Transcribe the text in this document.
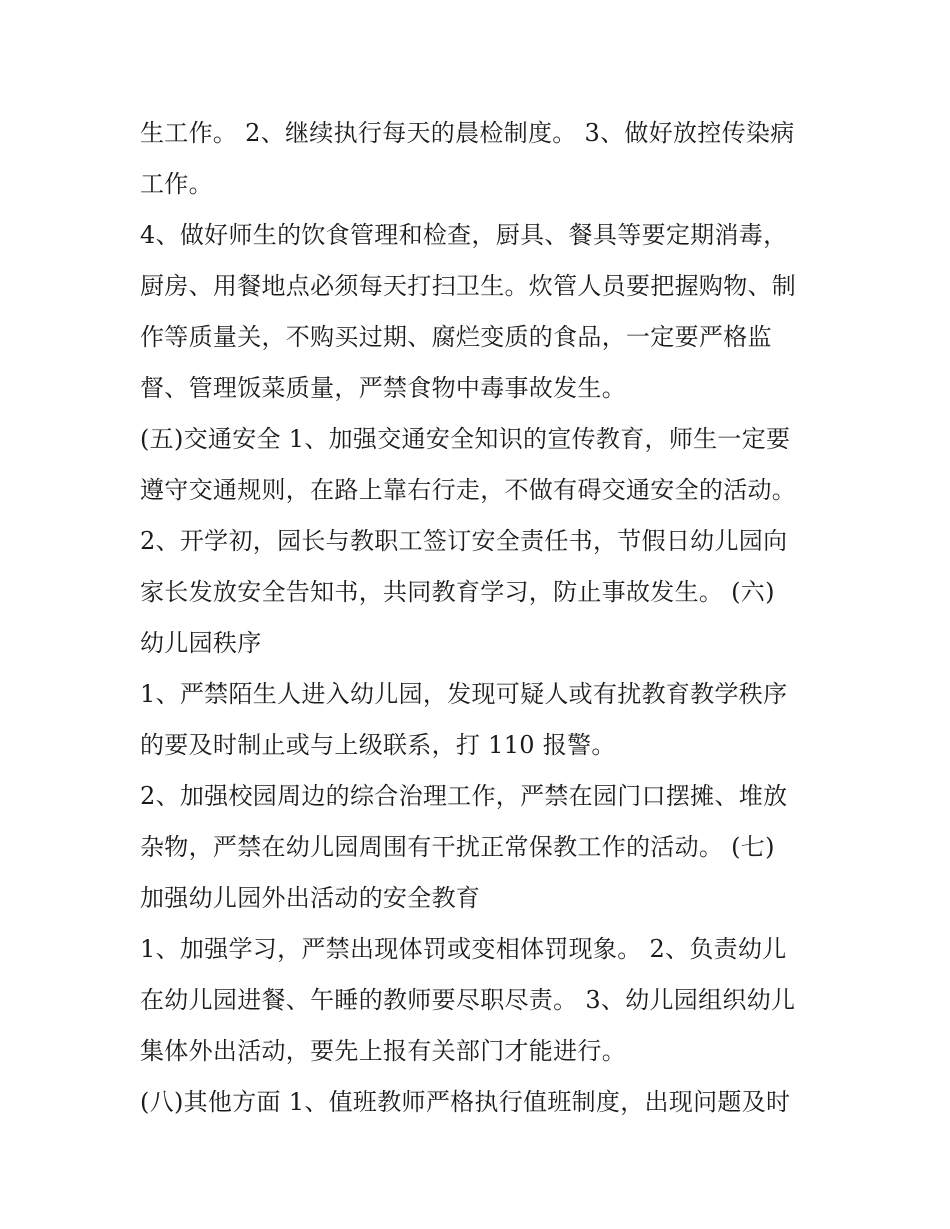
生工作。 2、继续执行每天的晨检制度。 3、做好放控传染病
工作。
4、做好师生的饮食管理和检查，厨具、餐具等要定期消毒，
厨房、用餐地点必须每天打扫卫生。炊管人员要把握购物、制
作等质量关，不购买过期、腐烂变质的食品，一定要严格监
督、管理饭菜质量，严禁食物中毒事故发生。
(五)交通安全 1、加强交通安全知识的宣传教育，师生一定要
遵守交通规则，在路上靠右行走，不做有碍交通安全的活动。
2、开学初，园长与教职工签订安全责任书，节假日幼儿园向
家长发放安全告知书，共同教育学习，防止事故发生。 (六)
幼儿园秩序
1、严禁陌生人进入幼儿园，发现可疑人或有扰教育教学秩序
的要及时制止或与上级联系，打 110 报警。
2、加强校园周边的综合治理工作，严禁在园门口摆摊、堆放
杂物，严禁在幼儿园周围有干扰正常保教工作的活动。 (七)
加强幼儿园外出活动的安全教育
1、加强学习，严禁出现体罚或变相体罚现象。 2、负责幼儿
在幼儿园进餐、午睡的教师要尽职尽责。 3、幼儿园组织幼儿
集体外出活动，要先上报有关部门才能进行。
(八)其他方面 1、值班教师严格执行值班制度，出现问题及时
